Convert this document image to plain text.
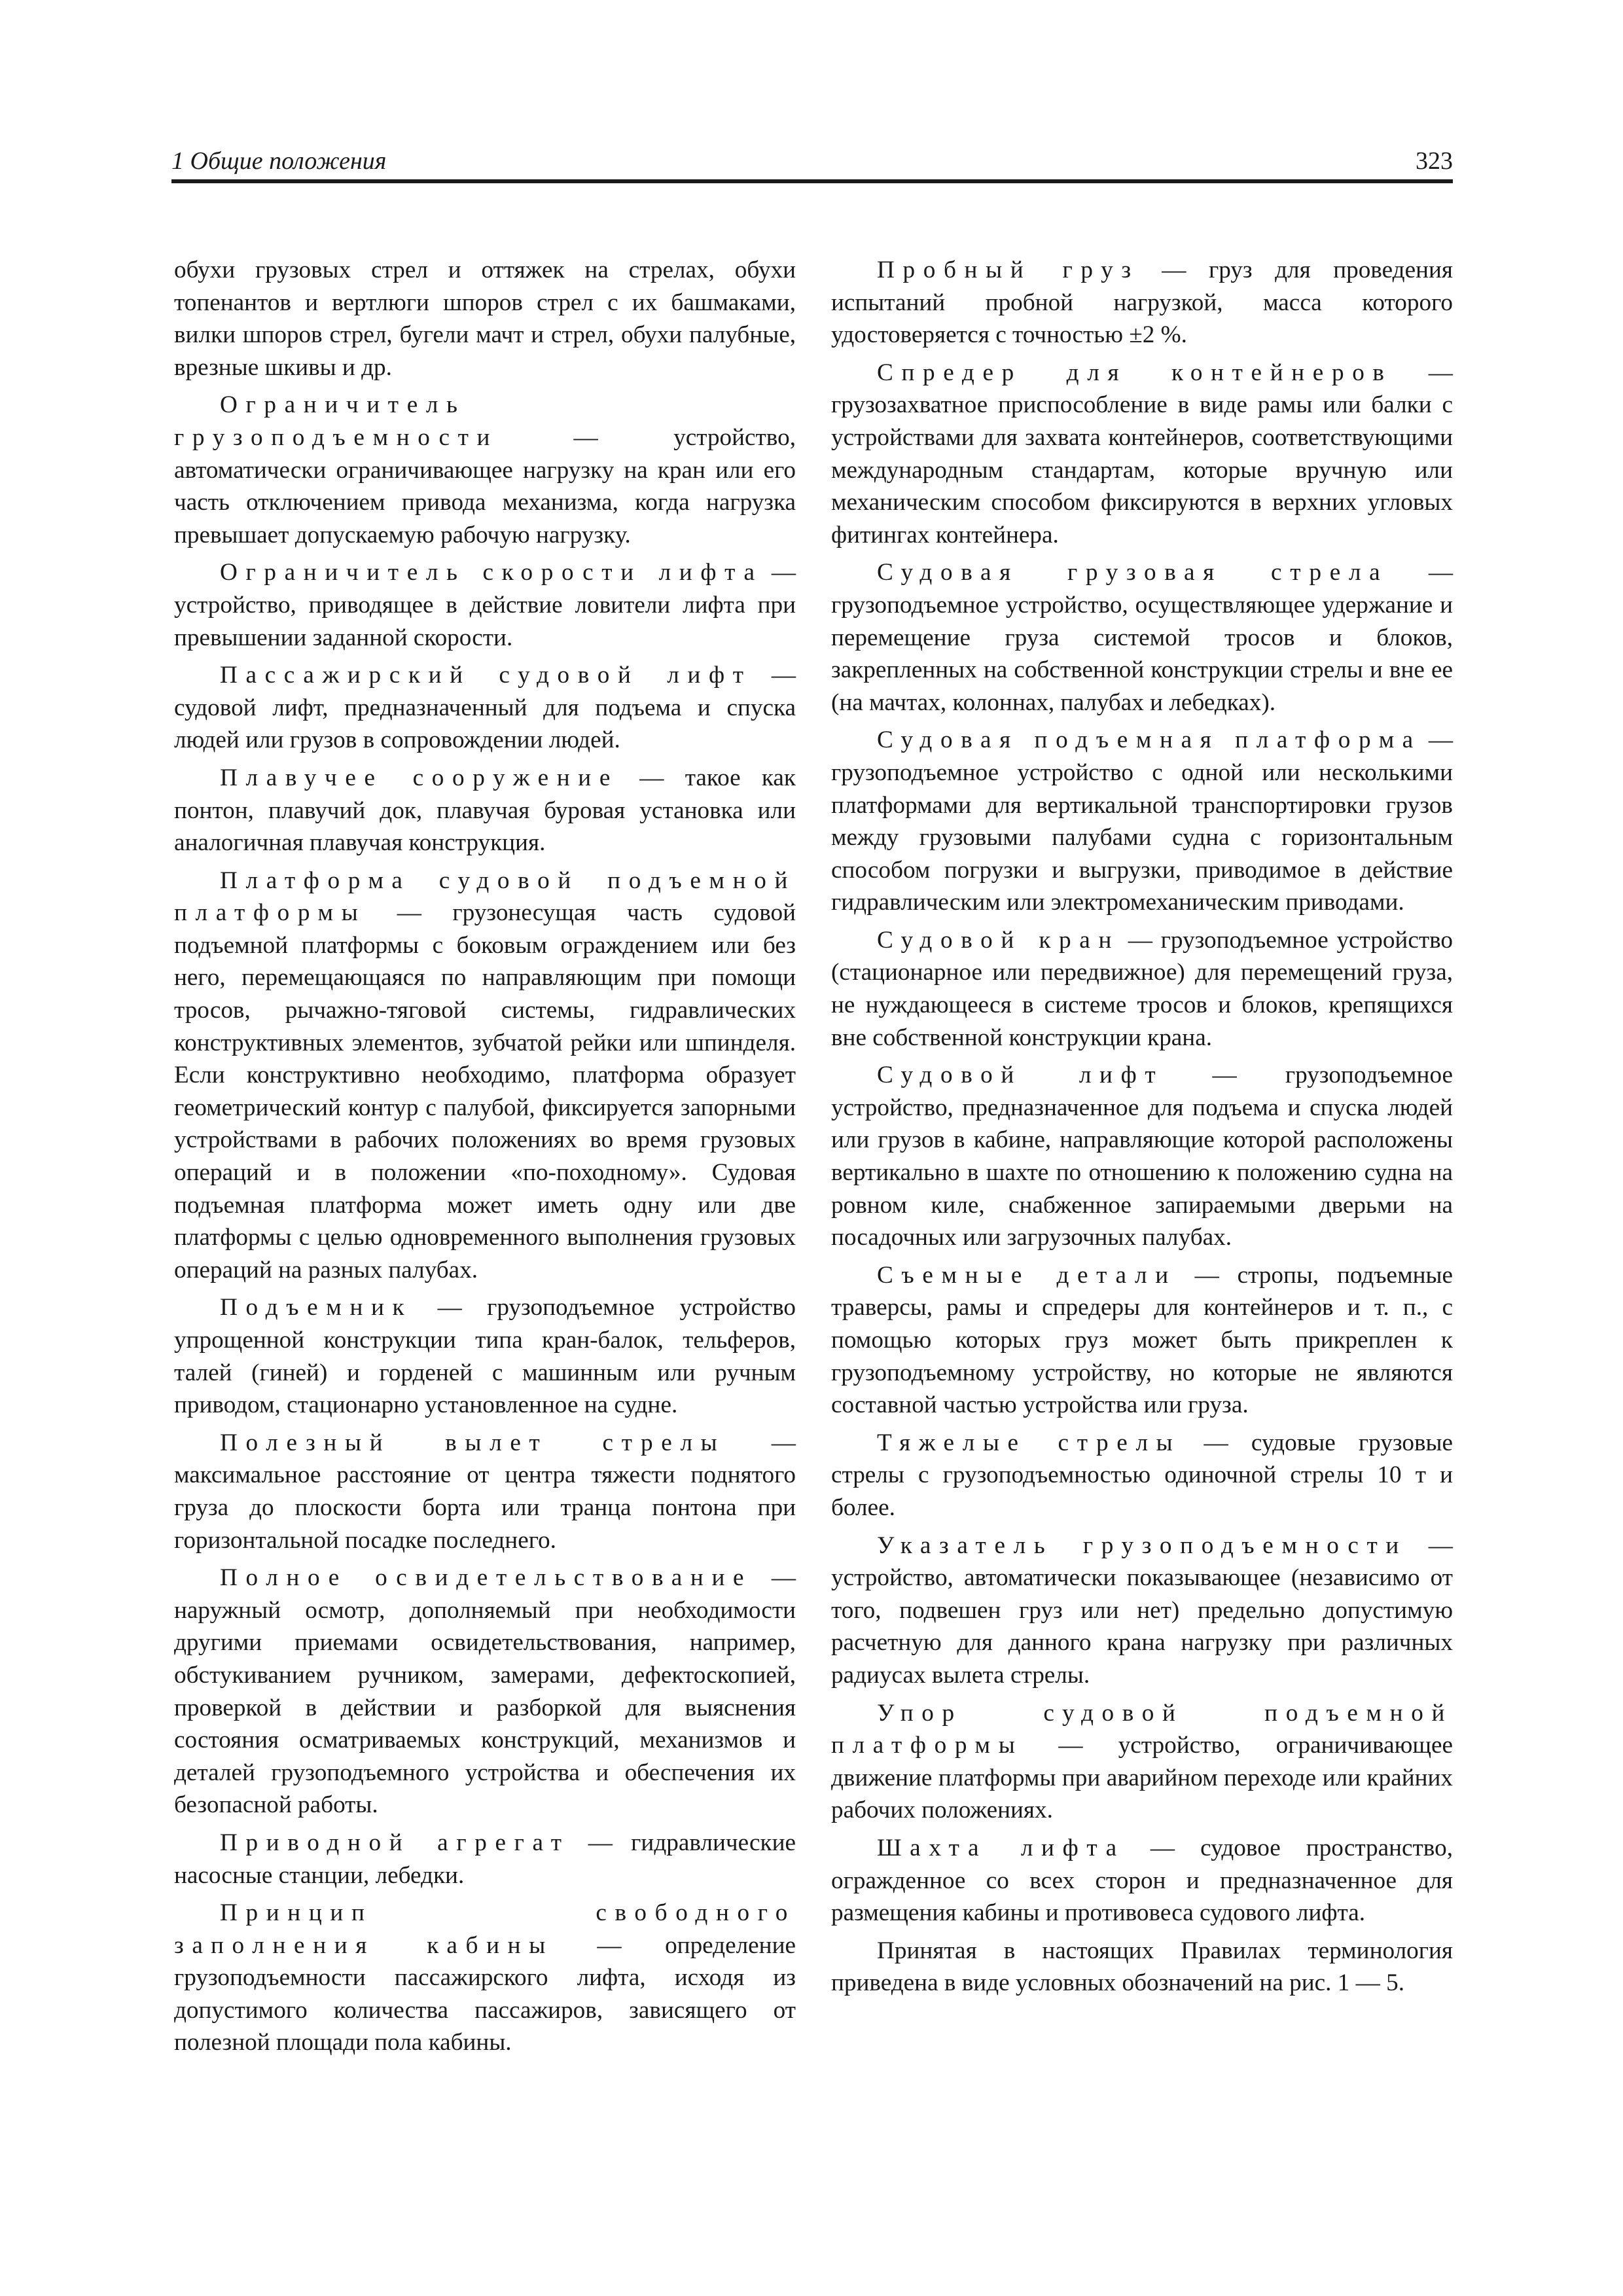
1 Общие положения	323

обухи грузовых стрел и оттяжек на стрелах, обухи топенантов и вертлюги шпоров стрел с их башмаками, вилки шпоров стрел, бугели мачт и стрел, обухи палубные, врезные шкивы и др.

Ограничитель грузоподъемности — устройство, автоматически ограничивающее нагрузку на кран или его часть отключением привода механизма, когда нагрузка превышает допускаемую рабочую нагрузку.

Ограничитель скорости лифта — устройство, приводящее в действие ловители лифта при превышении заданной скорости.

Пассажирский судовой лифт — судовой лифт, предназначенный для подъема и спуска людей или грузов в сопровождении людей.

Плавучее сооружение — такое как понтон, плавучий док, плавучая буровая установка или аналогичная плавучая конструкция.

Платформа судовой подъемной платформы — грузонесущая часть судовой подъемной платформы с боковым ограждением или без него, перемещающаяся по направляющим при помощи тросов, рычажно-тяговой системы, гидравлических конструктивных элементов, зубчатой рейки или шпинделя. Если конструктивно необходимо, платформа образует геометрический контур с палубой, фиксируется запорными устройствами в рабочих положениях во время грузовых операций и в положении «по-походному». Судовая подъемная платформа может иметь одну или две платформы с целью одновременного выполнения грузовых операций на разных палубах.

Подъемник — грузоподъемное устройство упрощенной конструкции типа кран-балок, тельферов, талей (гиней) и горденей с машинным или ручным приводом, стационарно установленное на судне.

Полезный вылет стрелы — максимальное расстояние от центра тяжести поднятого груза до плоскости борта или транца понтона при горизонтальной посадке последнего.

Полное освидетельствование — наружный осмотр, дополняемый при необходимости другими приемами освидетельствования, например, обстукиванием ручником, замерами, дефектоскопией, проверкой в действии и разборкой для выяснения состояния осматриваемых конструкций, механизмов и деталей грузоподъемного устройства и обеспечения их безопасной работы.

Приводной агрегат — гидравлические насосные станции, лебедки.

Принцип свободного заполнения кабины — определение грузоподъемности пассажирского лифта, исходя из допустимого количества пассажиров, зависящего от полезной площади пола кабины.

Пробный груз — груз для проведения испытаний пробной нагрузкой, масса которого удостоверяется с точностью ±2 %.

Спредер для контейнеров — грузозахватное приспособление в виде рамы или балки с устройствами для захвата контейнеров, соответствующими международным стандартам, которые вручную или механическим способом фиксируются в верхних угловых фитингах контейнера.

Судовая грузовая стрела — грузоподъемное устройство, осуществляющее удержание и перемещение груза системой тросов и блоков, закрепленных на собственной конструкции стрелы и вне ее (на мачтах, колоннах, палубах и лебедках).

Судовая подъемная платформа — грузоподъемное устройство с одной или несколькими платформами для вертикальной транспортировки грузов между грузовыми палубами судна с горизонтальным способом погрузки и выгрузки, приводимое в действие гидравлическим или электромеханическим приводами.

Судовой кран — грузоподъемное устройство (стационарное или передвижное) для перемещений груза, не нуждающееся в системе тросов и блоков, крепящихся вне собственной конструкции крана.

Судовой лифт — грузоподъемное устройство, предназначенное для подъема и спуска людей или грузов в кабине, направляющие которой расположены вертикально в шахте по отношению к положению судна на ровном киле, снабженное запираемыми дверьми на посадочных или загрузочных палубах.

Съемные детали — стропы, подъемные траверсы, рамы и спредеры для контейнеров и т. п., с помощью которых груз может быть прикреплен к грузоподъемному устройству, но которые не являются составной частью устройства или груза.

Тяжелые стрелы — судовые грузовые стрелы с грузоподъемностью одиночной стрелы 10 т и более.

Указатель грузоподъемности — устройство, автоматически показывающее (независимо от того, подвешен груз или нет) предельно допустимую расчетную для данного крана нагрузку при различных радиусах вылета стрелы.

Упор судовой подъемной платформы — устройство, ограничивающее движение платформы при аварийном переходе или крайних рабочих положениях.

Шахта лифта — судовое пространство, огражденное со всех сторон и предназначенное для размещения кабины и противовеса судового лифта.

Принятая в настоящих Правилах терминология приведена в виде условных обозначений на рис. 1 — 5.
